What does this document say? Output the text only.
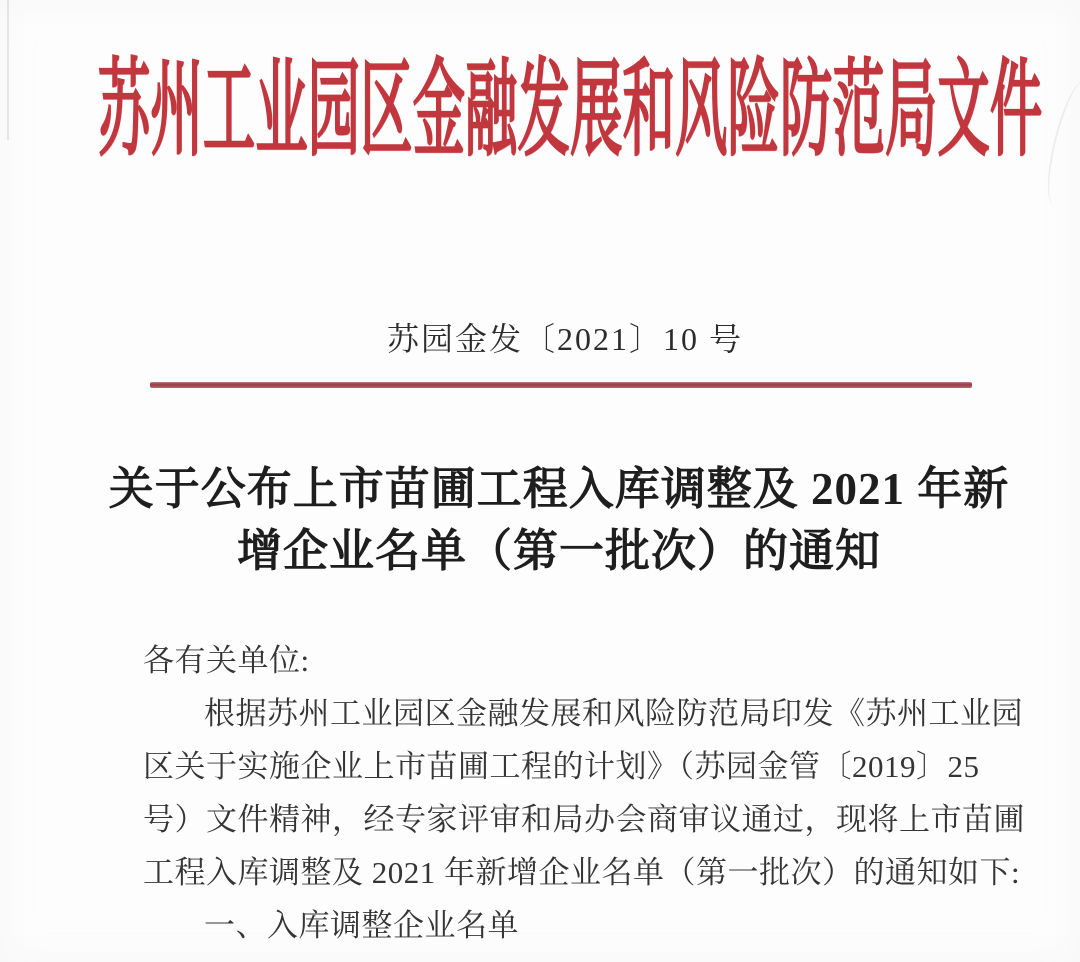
苏州工业园区金融发展和风险防范局文件
苏园金发〔2021〕10 号
关于公布上市苗圃工程入库调整及 2021 年新
增企业名单（第一批次）的通知
各有关单位:
根据苏州工业园区金融发展和风险防范局印发《苏州工业园
区关于实施企业上市苗圃工程的计划》（苏园金管〔2019〕25
号）文件精神，经专家评审和局办会商审议通过，现将上市苗圃
工程入库调整及 2021 年新增企业名单（第一批次）的通知如下:
一、入库调整企业名单
